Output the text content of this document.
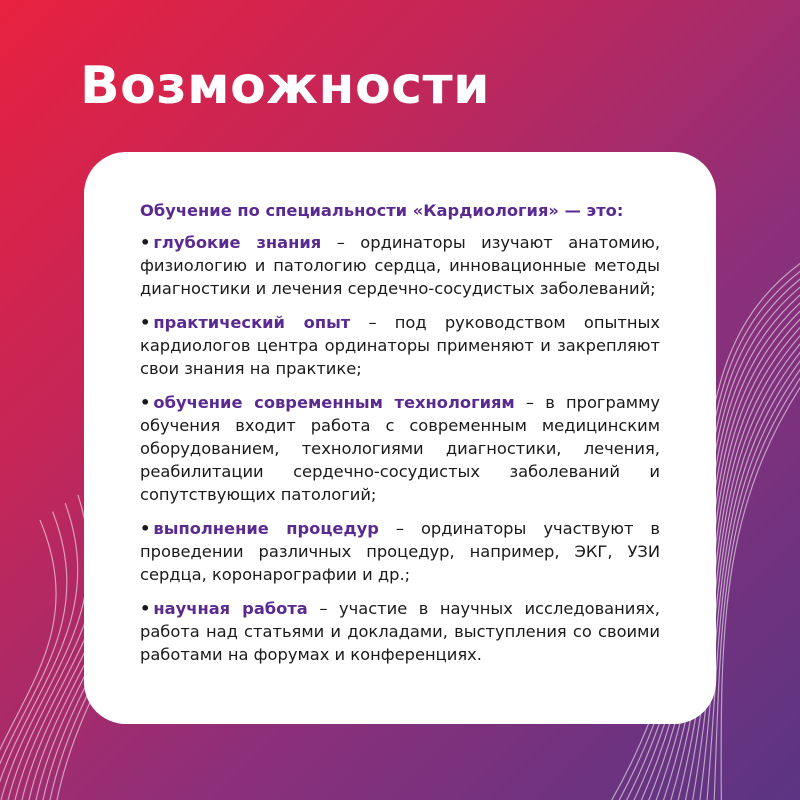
Возможности

Обучение по специальности «Кардиология» — это:

• глубокие знания – ординаторы изучают анатомию, физиологию и патологию сердца, инновационные методы диагностики и лечения сердечно-сосудистых заболеваний;

• практический опыт – под руководством опытных кардиологов центра ординаторы применяют и закрепляют свои знания на практике;

• обучение современным технологиям – в программу обучения входит работа с современным медицинским оборудованием, технологиями диагностики, лечения, реабилитации сердечно-сосудистых заболеваний и сопутствующих патологий;

• выполнение процедур – ординаторы участвуют в проведении различных процедур, например, ЭКГ, УЗИ сердца, коронарографии и др.;

• научная работа – участие в научных исследованиях, работа над статьями и докладами, выступления со своими работами на форумах и конференциях.
